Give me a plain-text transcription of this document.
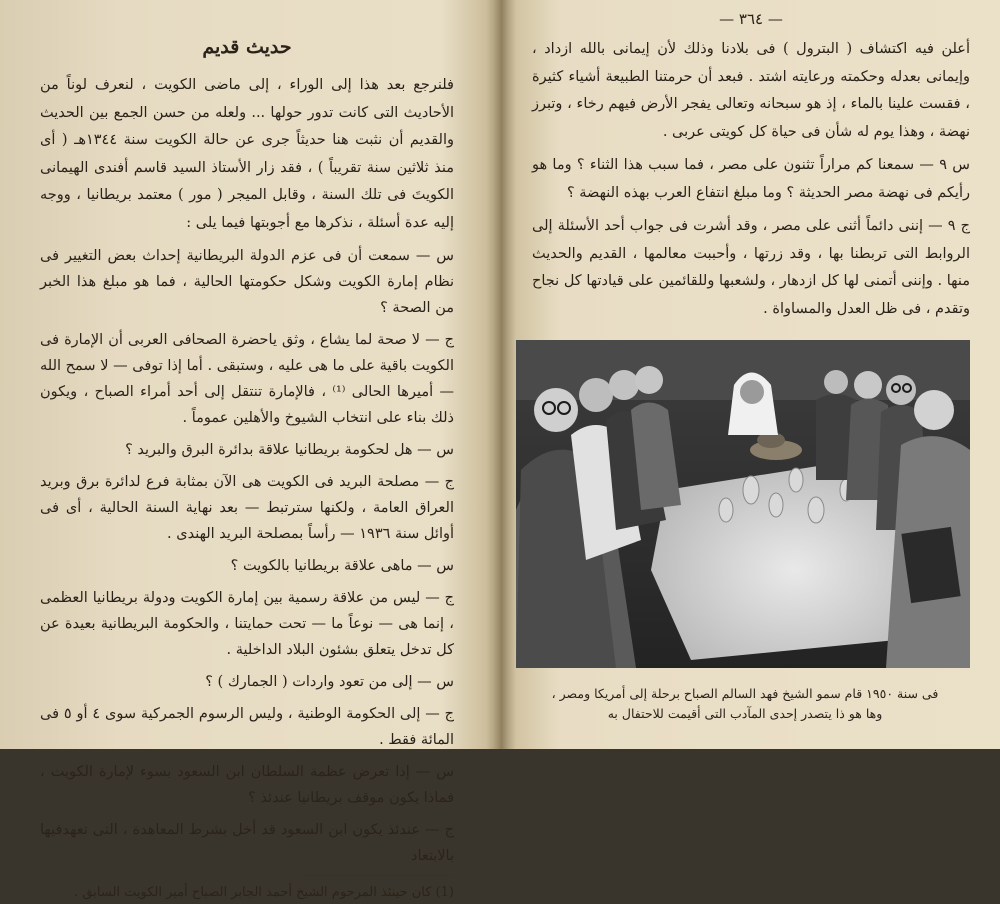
حديث قديم

فلنرجع بعد هذا إلى الوراء ، إلى ماضى الكويت ، لنعرف لوناً من الأحاديث التى كانت تدور حولها ... ولعله من حسن الجمع بين الحديث والقديم أن نثبت هنا حديثاً جرى عن حالة الكويت سنة ١٣٤٤هـ ( أى منذ ثلاثين سنة تقريباً ) ، فقد زار الأستاذ السيد قاسم أفندى الهيمانى الكويتَ فى تلك السنة ، وقابل الميجر ( مور ) معتمد بريطانيا ، ووجه إليه عدة أسئلة ، نذكرها مع أجوبتها فيما يلى :

س — سمعت أن فى عزم الدولة البريطانية إحداث بعض التغيير فى نظام إمارة الكويت وشكل حكومتها الحالية ، فما هو مبلغ هذا الخبر من الصحة ؟

ج — لا صحة لما يشاع ، وثق ياحضرة الصحافى العربى أن الإمارة فى الكويت باقية على ما هى عليه ، وستبقى . أما إذا توفى — لا سمح الله — أميرها الحالى ⁽¹⁾ ، فالإمارة تنتقل إلى أحد أمراء الصباح ، ويكون ذلك بناء على انتخاب الشيوخ والأهلين عموماً .

س — هل لحكومة بريطانيا علاقة بدائرة البرق والبريد ؟

ج — مصلحة البريد فى الكويت هى الآن بمثابة فرع لدائرة برق وبريد العراق العامة ، ولكنها سترتبط — بعد نهاية السنة الحالية ، أى فى أوائل سنة ١٩٣٦ — رأساً بمصلحة البريد الهندى .

س — ماهى علاقة بريطانيا بالكويت ؟

ج — ليس من علاقة رسمية بين إمارة الكويت ودولة بريطانيا العظمى ، إنما هى — نوعاً ما — تحت حمايتنا ، والحكومة البريطانية بعيدة عن كل تدخل يتعلق بشئون البلاد الداخلية .

س — إلى من تعود واردات ( الجمارك ) ؟

ج — إلى الحكومة الوطنية ، وليس الرسوم الجمركية سوى ٤ أو ٥ فى المائة فقط .

س — إذا تعرض عظمة السلطان ابن السعود بسوء لإمارة الكويت ، فماذا يكون موقف بريطانيا عندئذ ؟

ج — عندئذ يكون ابن السعود قد أخل بشرط المعاهدة ، التى تعهدفيها بالابتعاد

(1) كان حينئذ المرحوم الشيخ أحمد الجابر الصباح أمير الكويت السابق .
— ٣٦٤ —

أعلن فيه اكتشاف ( البترول ) فى بلادنا وذلك لأن إيمانى بالله ازداد ، وإيمانى بعدله وحكمته ورعايته اشتد . فبعد أن حرمتنا الطبيعة أشياء كثيرة ، فقست علينا بالماء ، إذ هو سبحانه وتعالى يفجر الأرض فيهم رخاء ، وتبرز نهضة ، وهذا يوم له شأن فى حياة كل كويتى عربى .

س ٩ — سمعنا كم مراراً تثنون على مصر ، فما سبب هذا الثناء ؟ وما هو رأيكم فى نهضة مصر الحديثة ؟ وما مبلغ انتفاع العرب بهذه النهضة ؟

ج ٩ — إننى دائماً أثنى على مصر ، وقد أشرت فى جواب أحد الأسئلة إلى الروابط التى تربطنا بها ، وقد زرتها ، وأحببت معالمها ، القديم والحديث منها . وإننى أتمنى لها كل ازدهار ، ولشعبها وللقائمين على قيادتها كل نجاح وتقدم ، فى ظل العدل والمساواة .

فى سنة ١٩٥٠ قام سمو الشيخ فهد السالم الصباح برحلة إلى أمريكا ومصر ،
وها هو ذا يتصدر إحدى المآدب التى أقيمت للاحتفال به
